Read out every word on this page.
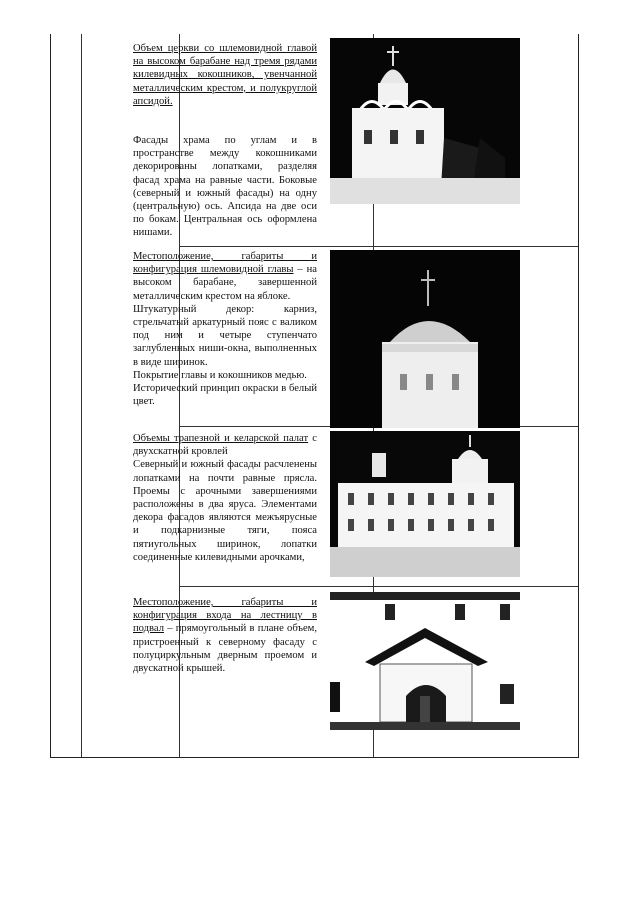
Объем церкви со шлемовидной главой на высоком барабане над тремя рядами килевидных кокошников, увенчанной металлическим крестом, и полукруглой апсидой.

Фасады храма по углам и в пространстве между кокошниками декорированы лопатками, разделяя фасад храма на равные части. Боковые (северный и южный фасады) на одну (центральную) ось. Апсида на две оси по бокам. Центральная ось оформлена нишами.

Местоположение, габариты и конфигурация шлемовидной главы – на высоком барабане, завершенной металлическим крестом на яблоке.

Штукатурный декор: карниз, стрельчатый аркатурный пояс с валиком под ним и четыре ступенчато заглубленных ниши-окна, выполненных в виде ширинок.

Покрытие главы и кокошников медью.

Исторический принцип окраски в белый цвет.

Объемы трапезной и келарской палат с двухскатной кровлей

Северный и южный фасады расчленены лопатками на почти равные прясла. Проемы с арочными завершениями расположены в два яруса. Элементами декора фасадов являются межъярусные и подкарнизные тяги, пояса пятиугольных ширинок, лопатки соединенные килевидными арочками,

Местоположение, габариты и конфигурация входа на лестницу в подвал – прямоугольный в плане объем, пристроенный к северному фасаду с полуциркульным дверным проемом и двускатной крышей.
